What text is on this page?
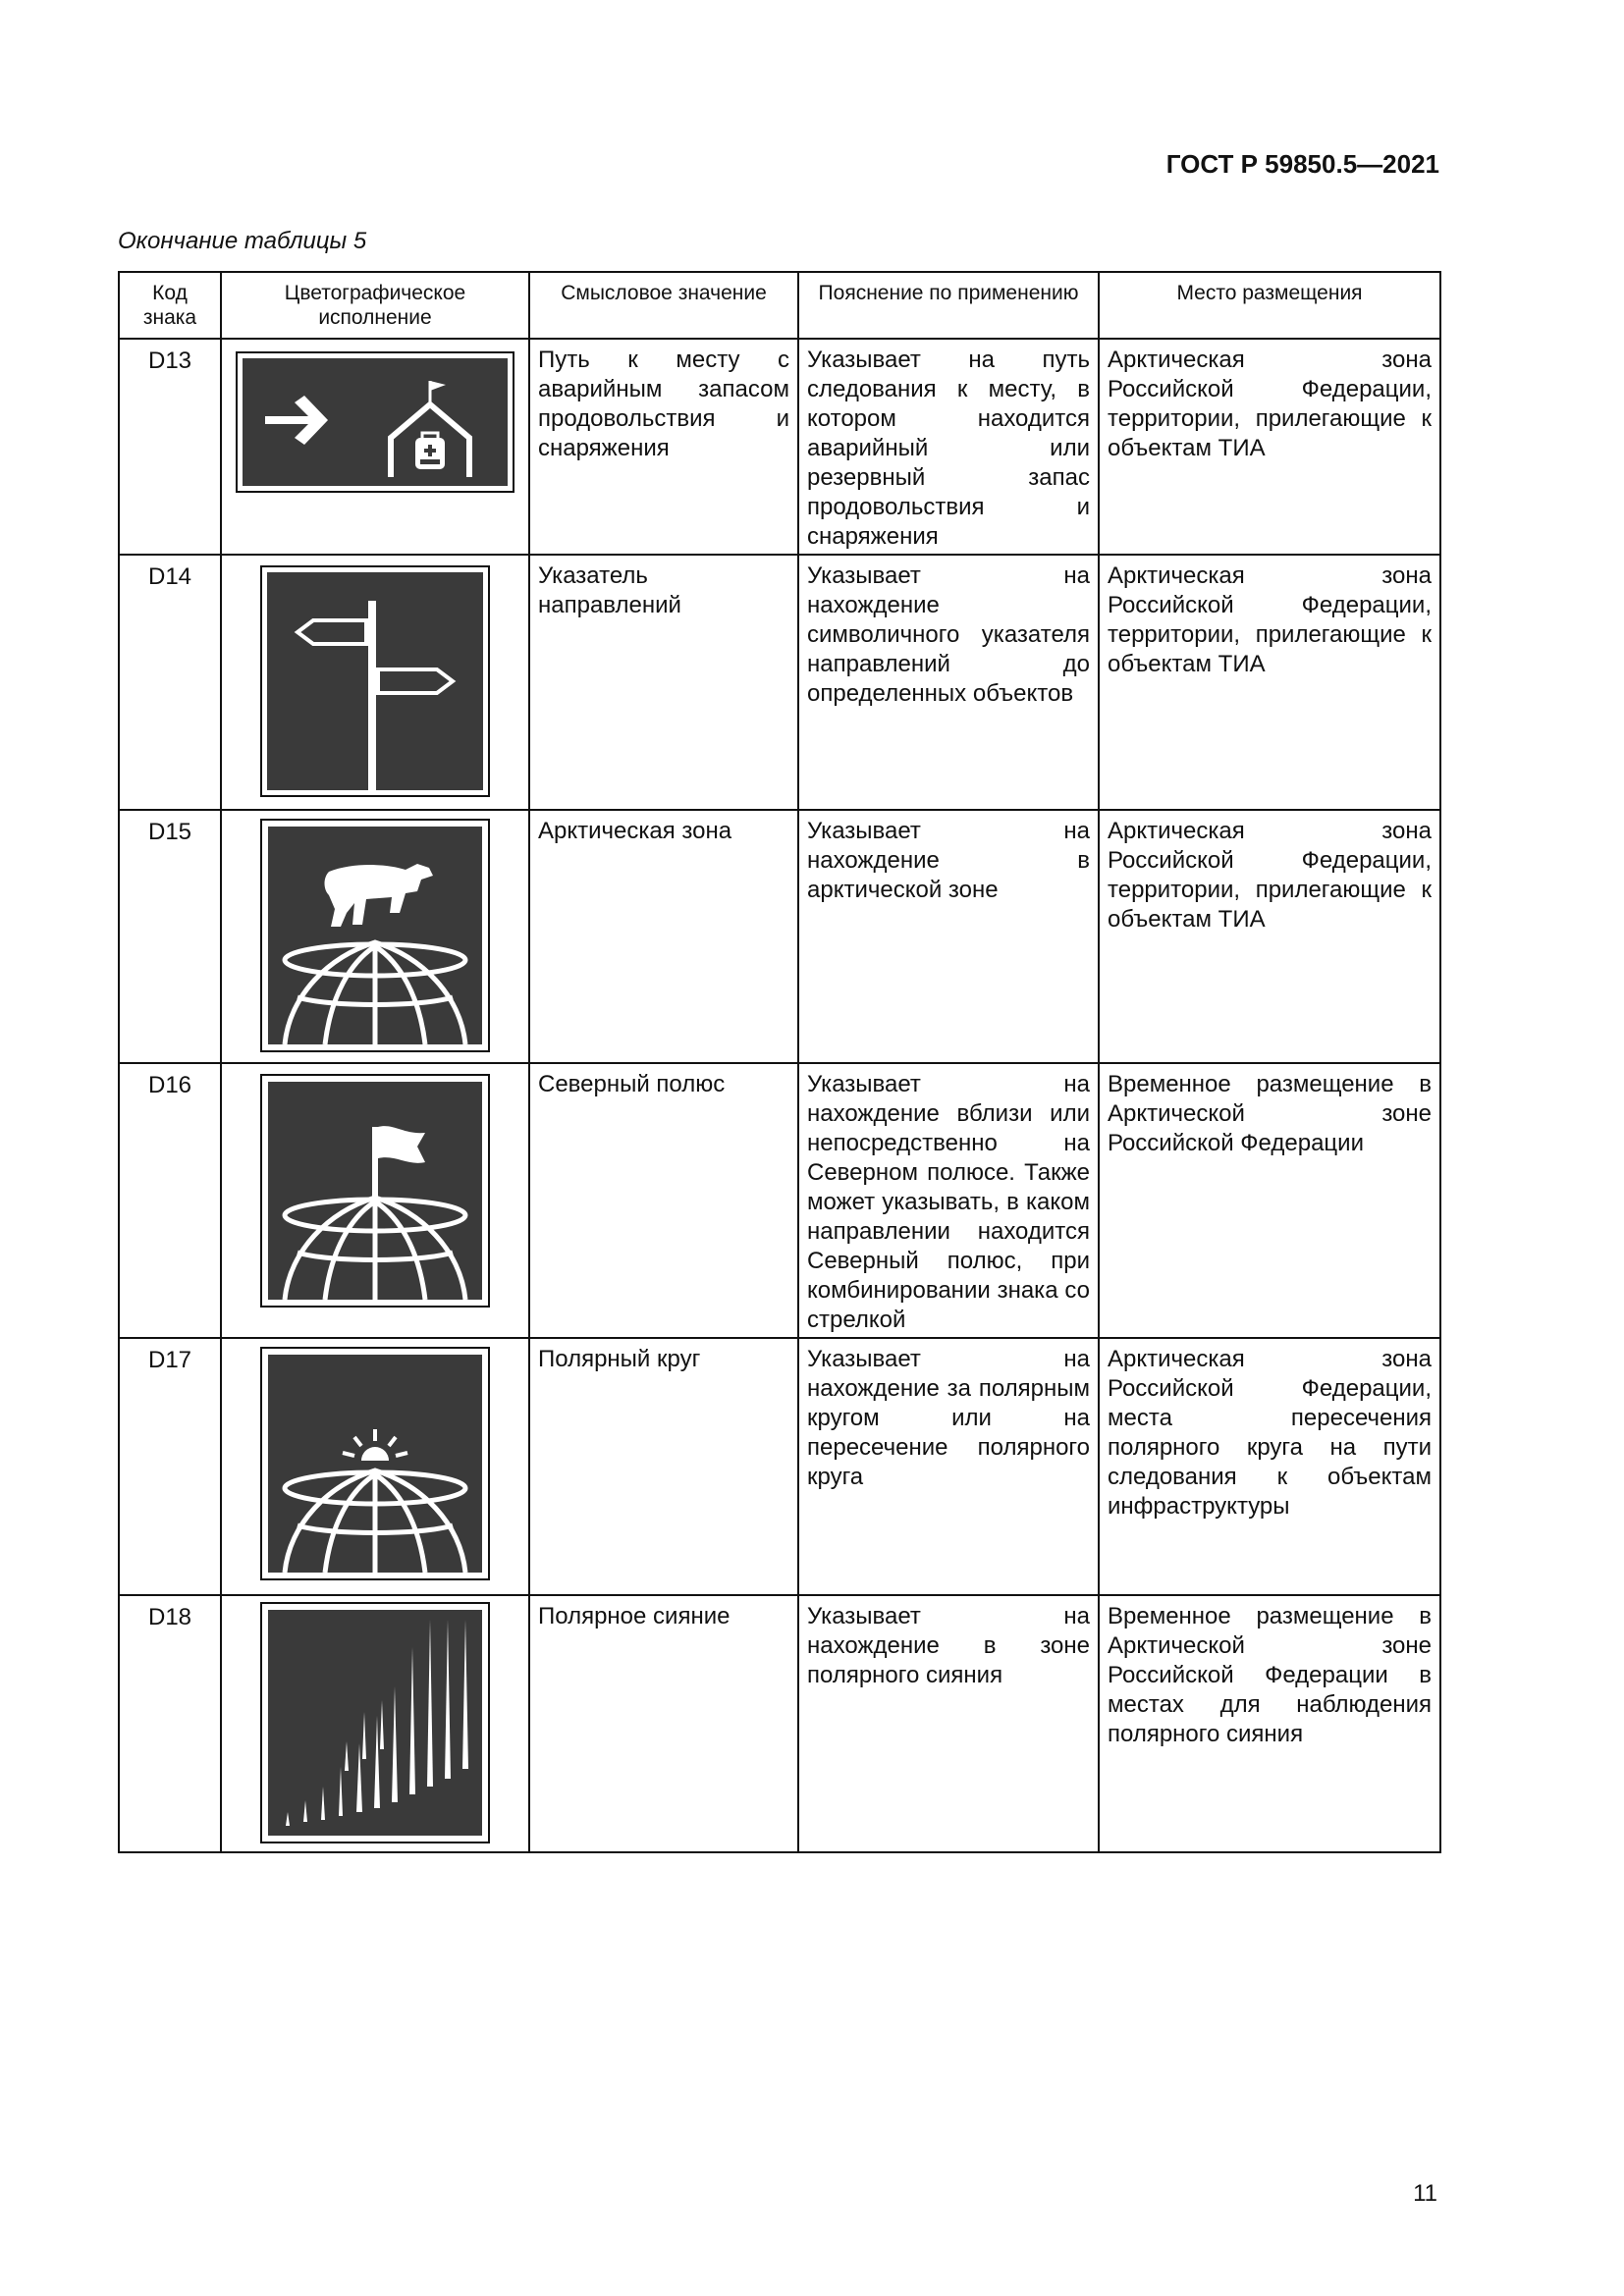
ГОСТ Р 59850.5—2021
Окончание таблицы 5
Код знака	Цветографическое исполнение	Смысловое значение	Пояснение по применению	Место размещения
D13		Путь к месту с аварийным запасом продовольствия и снаряжения	Указывает на путь следования к месту, в котором находится аварийный или резервный запас продовольствия и снаряжения	Арктическая зона Российской Федерации, территории, прилегающие к объектам ТИА

D14		Указатель направлений	Указывает на нахождение символичного указателя направлений до определенных объектов	Арктическая зона Российской Федерации, территории, прилегающие к объектам ТИА

D15		Арктическая зона	Указывает на нахождение в арктической зоне	Арктическая зона Российской Федерации, территории, прилегающие к объектам ТИА

D16		Северный полюс	Указывает на нахождение вблизи или непосредственно на Северном полюсе. Также может указывать, в каком направлении находится Северный полюс, при комбинировании знака со стрелкой	Временное размещение в Арктической зоне Российской Федерации

D17		Полярный круг	Указывает на нахождение за полярным кругом или на пересечение полярного круга	Арктическая зона Российской Федерации, места пересечения полярного круга на пути следования к объектам инфраструктуры

D18		Полярное сияние	Указывает на нахождение в зоне полярного сияния	Временное размещение в Арктической зоне Российской Федерации в местах для наблюдения полярного сияния
11
